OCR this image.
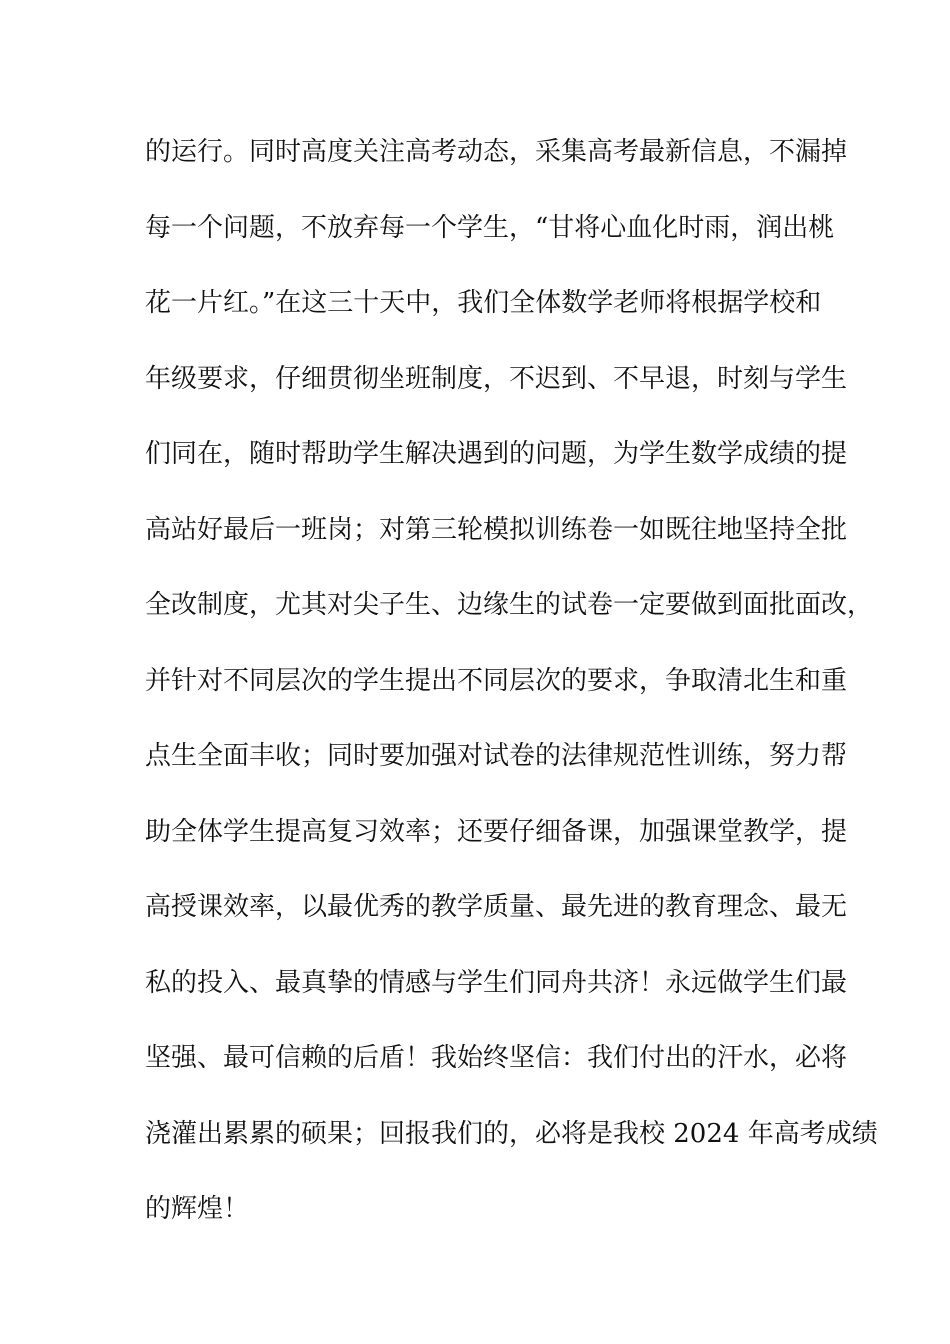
的运行。同时高度关注高考动态，采集高考最新信息，不漏掉
每一个问题，不放弃每一个学生，“甘将心血化时雨，润出桃
花一片红。”在这三十天中，我们全体数学老师将根据学校和
年级要求，仔细贯彻坐班制度，不迟到、不早退，时刻与学生
们同在，随时帮助学生解决遇到的问题，为学生数学成绩的提
高站好最后一班岗；对第三轮模拟训练卷一如既往地坚持全批
全改制度，尤其对尖子生、边缘生的试卷一定要做到面批面改，
并针对不同层次的学生提出不同层次的要求，争取清北生和重
点生全面丰收；同时要加强对试卷的法律规范性训练，努力帮
助全体学生提高复习效率；还要仔细备课，加强课堂教学，提
高授课效率，以最优秀的教学质量、最先进的教育理念、最无
私的投入、最真挚的情感与学生们同舟共济！永远做学生们最
坚强、最可信赖的后盾！我始终坚信：我们付出的汗水，必将
浇灌出累累的硕果；回报我们的，必将是我校 2024 年高考成绩
的辉煌！
